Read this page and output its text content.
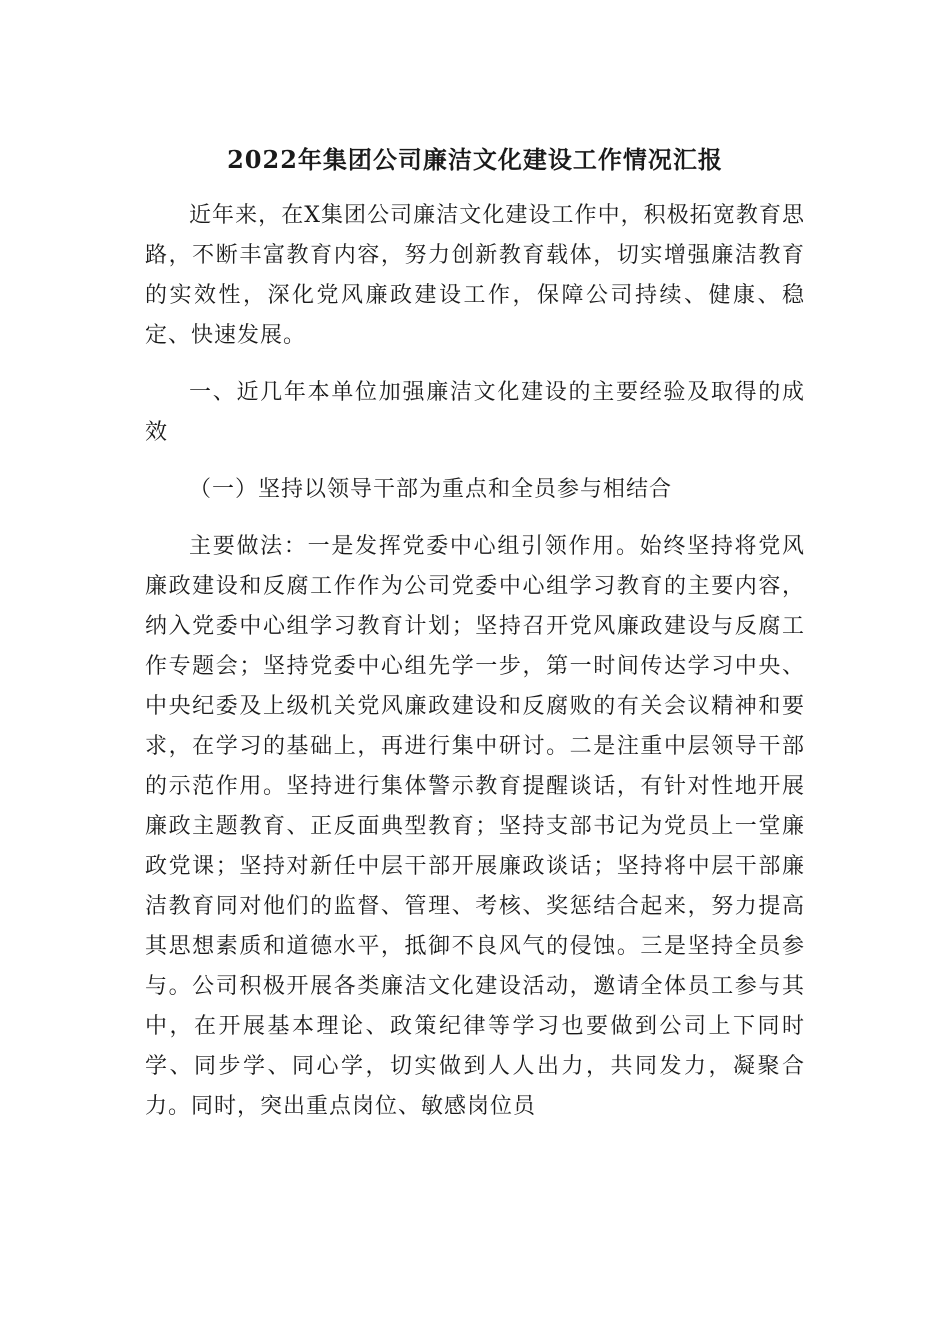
2022年集团公司廉洁文化建设工作情况汇报

近年来，在X集团公司廉洁文化建设工作中，积极拓宽教育思路，不断丰富教育内容，努力创新教育载体，切实增强廉洁教育的实效性，深化党风廉政建设工作，保障公司持续、健康、稳定、快速发展。

一、近几年本单位加强廉洁文化建设的主要经验及取得的成效

（一）坚持以领导干部为重点和全员参与相结合

主要做法：一是发挥党委中心组引领作用。始终坚持将党风廉政建设和反腐工作作为公司党委中心组学习教育的主要内容，纳入党委中心组学习教育计划；坚持召开党风廉政建设与反腐工作专题会；坚持党委中心组先学一步，第一时间传达学习中央、中央纪委及上级机关党风廉政建设和反腐败的有关会议精神和要求，在学习的基础上，再进行集中研讨。二是注重中层领导干部的示范作用。坚持进行集体警示教育提醒谈话，有针对性地开展廉政主题教育、正反面典型教育；坚持支部书记为党员上一堂廉政党课；坚持对新任中层干部开展廉政谈话；坚持将中层干部廉洁教育同对他们的监督、管理、考核、奖惩结合起来，努力提高其思想素质和道德水平，抵御不良风气的侵蚀。三是坚持全员参与。公司积极开展各类廉洁文化建设活动，邀请全体员工参与其中，在开展基本理论、政策纪律等学习也要做到公司上下同时学、同步学、同心学，切实做到人人出力，共同发力，凝聚合力。同时，突出重点岗位、敏感岗位员
